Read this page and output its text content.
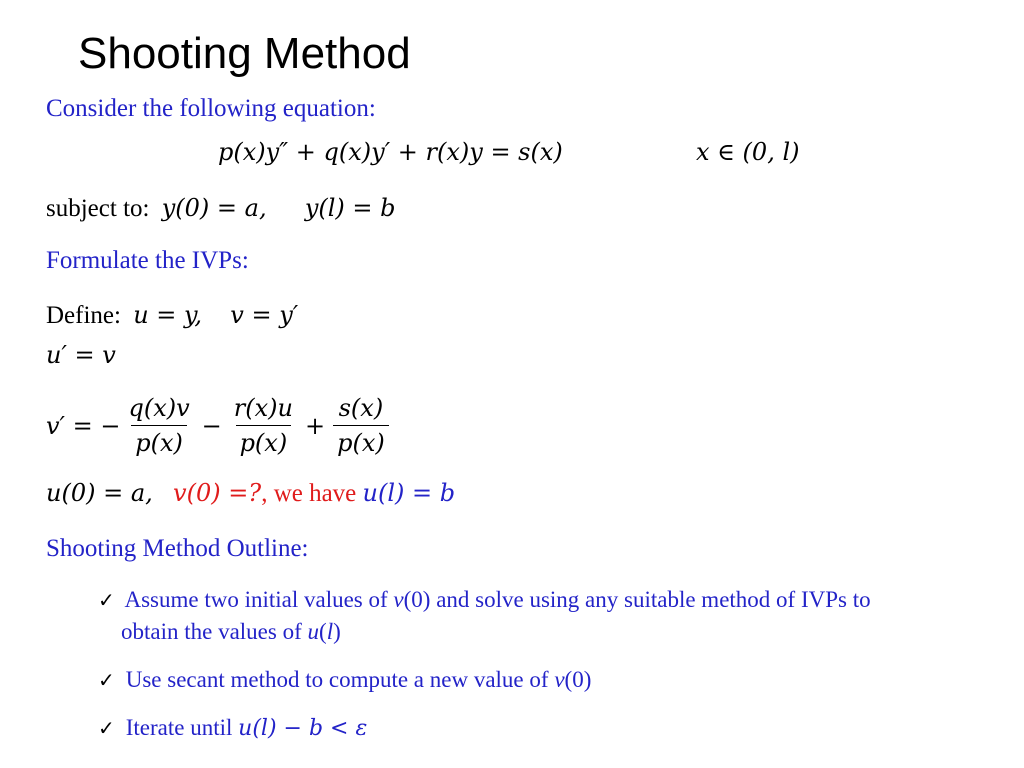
Shooting Method
Consider the following equation:
p(x)y″ + q(x)y′ + r(x)y = s(x)	x ∈ (0, l)
subject to: y(0) = a, y(l) = b
Formulate the IVPs:
Define: u = y, v = y′
u′ = v
v′ = − $\frac{q(x)v}{p(x)} - \frac{r(x)u}{p(x)} + \frac{s(x)}{p(x)}$
u(0) = a, v(0) =?, we have u(l) = b
Shooting Method Outline:
✓ Assume two initial values of v(0) and solve using any suitable method of IVPs to
obtain the values of u(l)
✓ Use secant method to compute a new value of v(0)
✓ Iterate until u(l) − b < ε
